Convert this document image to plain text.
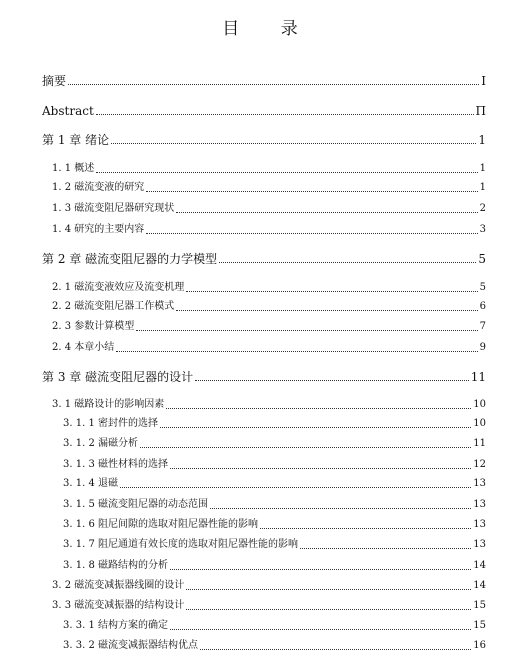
目 录
摘要	I
Abstract	Π
第 1 章 绪论	1
1. 1 概述	1
1. 2 磁流变液的研究	1
1. 3 磁流变阻尼器研究现状	2
1. 4 研究的主要内容	3
第 2 章 磁流变阻尼器的力学模型	5
2. 1 磁流变液效应及流变机理	5
2. 2 磁流变阻尼器工作模式	6
2. 3 参数计算模型	7
2. 4 本章小结	9
第 3 章 磁流变阻尼器的设计	11
3. 1 磁路设计的影响因素	10
3. 1. 1 密封件的选择	10
3. 1. 2 漏磁分析	11
3. 1. 3 磁性材料的选择	12
3. 1. 4 退磁	13
3. 1. 5 磁流变阻尼器的动态范围	13
3. 1. 6 阻尼间隙的选取对阻尼器性能的影响	13
3. 1. 7 阻尼通道有效长度的选取对阻尼器性能的影响	13
3. 1. 8 磁路结构的分析	14
3. 2 磁流变减振器线圈的设计	14
3. 3 磁流变减振器的结构设计	15
3. 3. 1 结构方案的确定	15
3. 3. 2 磁流变减振器结构优点	16
